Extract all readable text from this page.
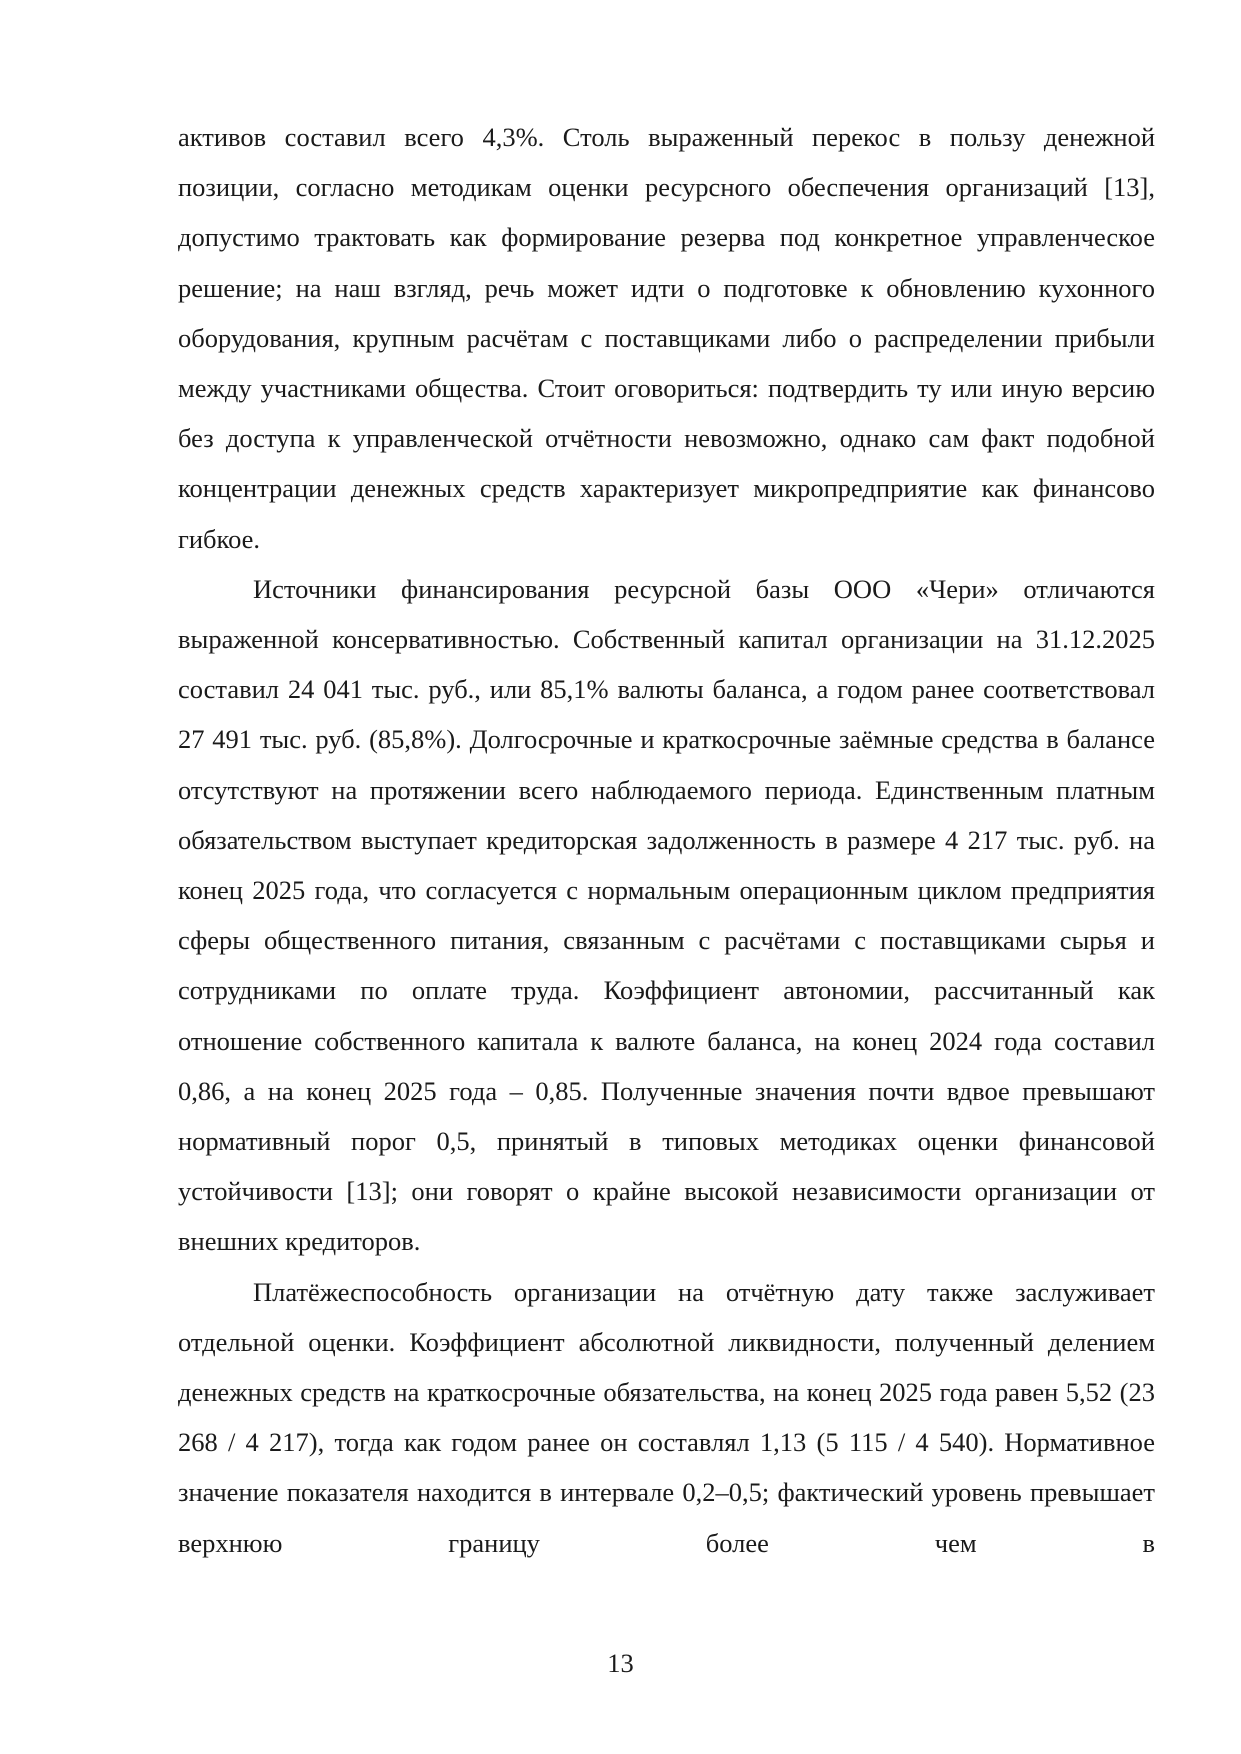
активов составил всего 4,3%. Столь выраженный перекос в пользу денежной позиции, согласно методикам оценки ресурсного обеспечения организаций [13], допустимо трактовать как формирование резерва под конкретное управленческое решение; на наш взгляд, речь может идти о подготовке к обновлению кухонного оборудования, крупным расчётам с поставщиками либо о распределении прибыли между участниками общества. Стоит оговориться: подтвердить ту или иную версию без доступа к управленческой отчётности невозможно, однако сам факт подобной концентрации денежных средств характеризует микропредприятие как финансово гибкое.

Источники финансирования ресурсной базы ООО «Чери» отличаются выраженной консервативностью. Собственный капитал организации на 31.12.2025 составил 24 041 тыс. руб., или 85,1% валюты баланса, а годом ранее соответствовал 27 491 тыс. руб. (85,8%). Долгосрочные и краткосрочные заёмные средства в балансе отсутствуют на протяжении всего наблюдаемого периода. Единственным платным обязательством выступает кредиторская задолженность в размере 4 217 тыс. руб. на конец 2025 года, что согласуется с нормальным операционным циклом предприятия сферы общественного питания, связанным с расчётами с поставщиками сырья и сотрудниками по оплате труда. Коэффициент автономии, рассчитанный как отношение собственного капитала к валюте баланса, на конец 2024 года составил 0,86, а на конец 2025 года – 0,85. Полученные значения почти вдвое превышают нормативный порог 0,5, принятый в типовых методиках оценки финансовой устойчивости [13]; они говорят о крайне высокой независимости организации от внешних кредиторов.

Платёжеспособность организации на отчётную дату также заслуживает отдельной оценки. Коэффициент абсолютной ликвидности, полученный делением денежных средств на краткосрочные обязательства, на конец 2025 года равен 5,52 (23 268 / 4 217), тогда как годом ранее он составлял 1,13 (5 115 / 4 540). Нормативное значение показателя находится в интервале 0,2–0,5; фактический уровень превышает верхнюю границу более чем в

13
